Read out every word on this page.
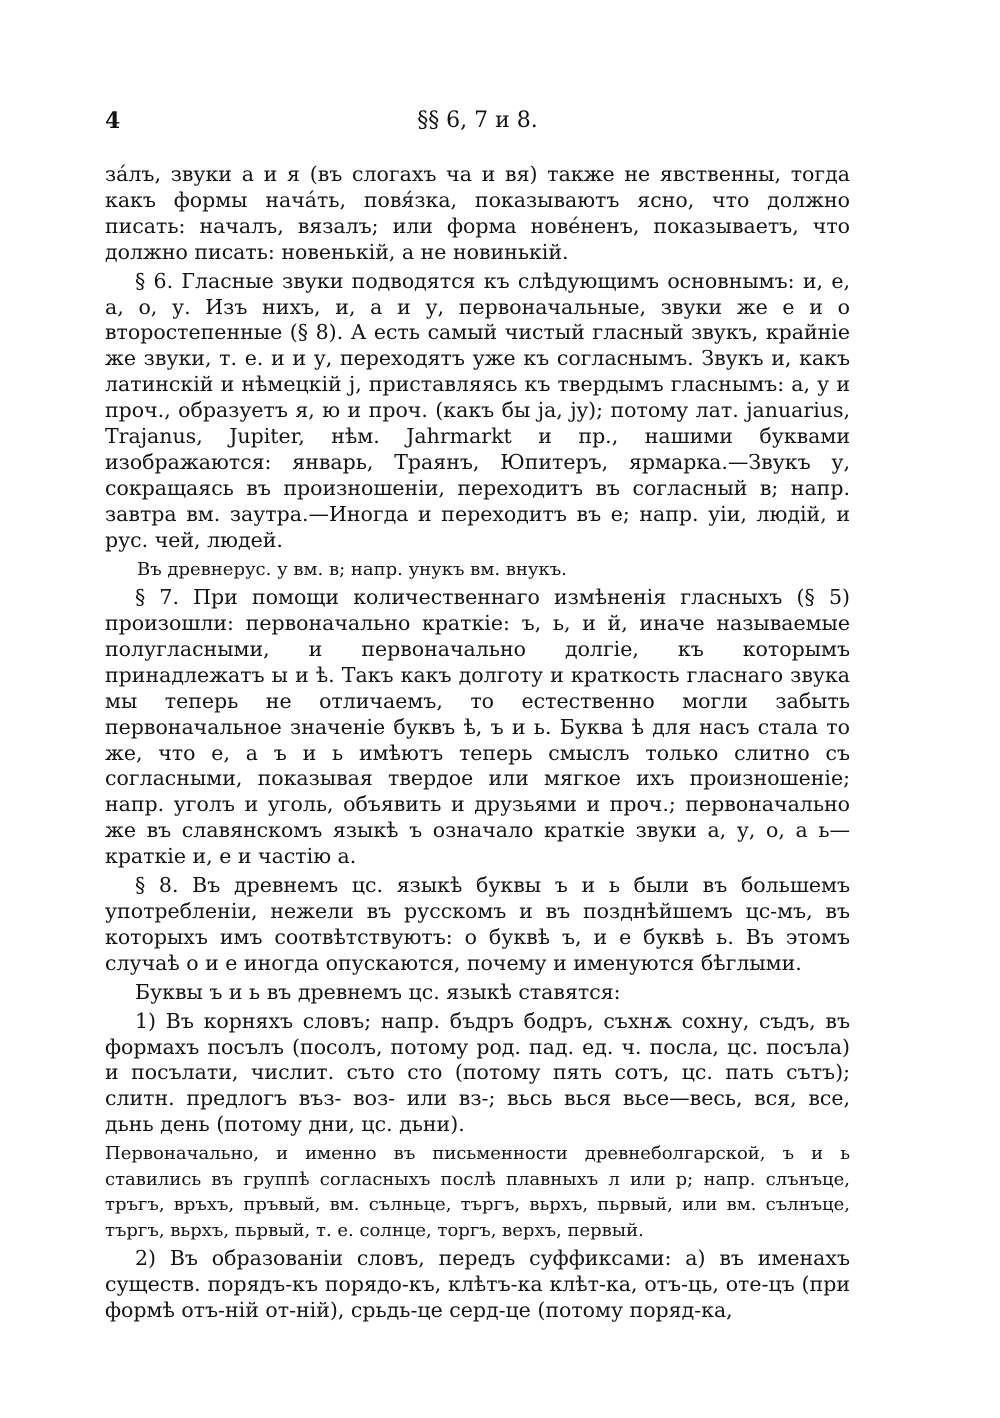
4	§§ 6, 7 и 8.

зáлъ, звуки а и я (въ слогахъ ча и вя) также не явственны, тогда какъ формы начáть, повя́зка, показываютъ ясно, что должно писать: началъ, вязалъ; или форма новéненъ, показываетъ, что должно писать: новенькiй, а не новинькiй.

§ 6. Гласные звуки подводятся къ слѣдующимъ основнымъ: и, е, а, о, у. Изъ нихъ, и, а и у, первоначальные, звуки же е и о второстепенные (§ 8). А есть самый чистый гласный звукъ, крайнiе же звуки, т. е. и и у, переходятъ уже къ согласнымъ. Звукъ и, какъ латинскiй и нѣмецкiй j, приставляясь къ твердымъ гласнымъ: а, у и проч., образуетъ я, ю и проч. (какъ бы ja, jy); потому лат. januarius, Trajanus, Jupiter, нѣм. Jahrmarkt и пр., нашими буквами изображаются: январь, Траянъ, Юпитеръ, ярмарка.—Звукъ у, сокращаясь въ произношенiи, переходитъ въ согласный в; напр. завтра вм. заутра.—Иногда и переходитъ въ е; напр. уiи, людiй, и рус. чей, людей.

Въ древнерус. у вм. в; напр. унукъ вм. внукъ.

§ 7. При помощи количественнаго измѣненiя гласныхъ (§ 5) произошли: первоначально краткiе: ъ, ь, и й, иначе называемые полугласными, и первоначально долгiе, къ которымъ принадлежатъ ы и ѣ. Такъ какъ долготу и краткость гласнаго звука мы теперь не отличаемъ, то естественно могли забыть первоначальное значенiе буквъ ѣ, ъ и ь. Буква ѣ для насъ стала то же, что е, а ъ и ь имѣютъ теперь смыслъ только слитно съ согласными, показывая твердое или мягкое ихъ произношенiе; напр. уголъ и уголь, объявить и друзьями и проч.; первоначально же въ славянскомъ языкѣ ъ означало краткiе звуки а, у, о, а ь—краткiе и, е и частiю а.

§ 8. Въ древнемъ цс. языкѣ буквы ъ и ь были въ большемъ употребленiи, нежели въ русскомъ и въ позднѣйшемъ цс-мъ, въ которыхъ имъ соотвѣтствуютъ: о буквѣ ъ, и е буквѣ ь. Въ этомъ случаѣ о и е иногда опускаются, почему и именуются бѣглыми.

Буквы ъ и ь въ древнемъ цс. языкѣ ставятся:

1) Въ корняхъ словъ; напр. бъдръ бодръ, съхнѫ сохну, съдъ, въ формахъ посълъ (посолъ, потому род. пад. ед. ч. посла, цс. посъла) и посълати, числит. съто сто (потому пять сотъ, цс. пать сътъ); слитн. предлогъ въз- воз- или вз-; вьсь вься вьсе—весь, вся, все, дьнь день (потому дни, цс. дьни).

Первоначально, и именно въ письменности древнеболгарской, ъ и ь ставились въ группѣ согласныхъ послѣ плавныхъ л или р; напр. слънъце, тръгъ, връхъ, пръвый, вм. сълньце, търгъ, вьрхъ, пьрвый, или вм. сълнъце, търгъ, вьрхъ, пьрвый, т. е. солнце, торгъ, верхъ, первый.

2) Въ образованiи словъ, передъ суффиксами: а) въ именахъ существ. порядъ-къ порядо-къ, клѣтъ-ка клѣт-ка, отъ-ць, оте-цъ (при формѣ отъ-нiй от-нiй), срьдь-це серд-це (потому поряд-ка,
